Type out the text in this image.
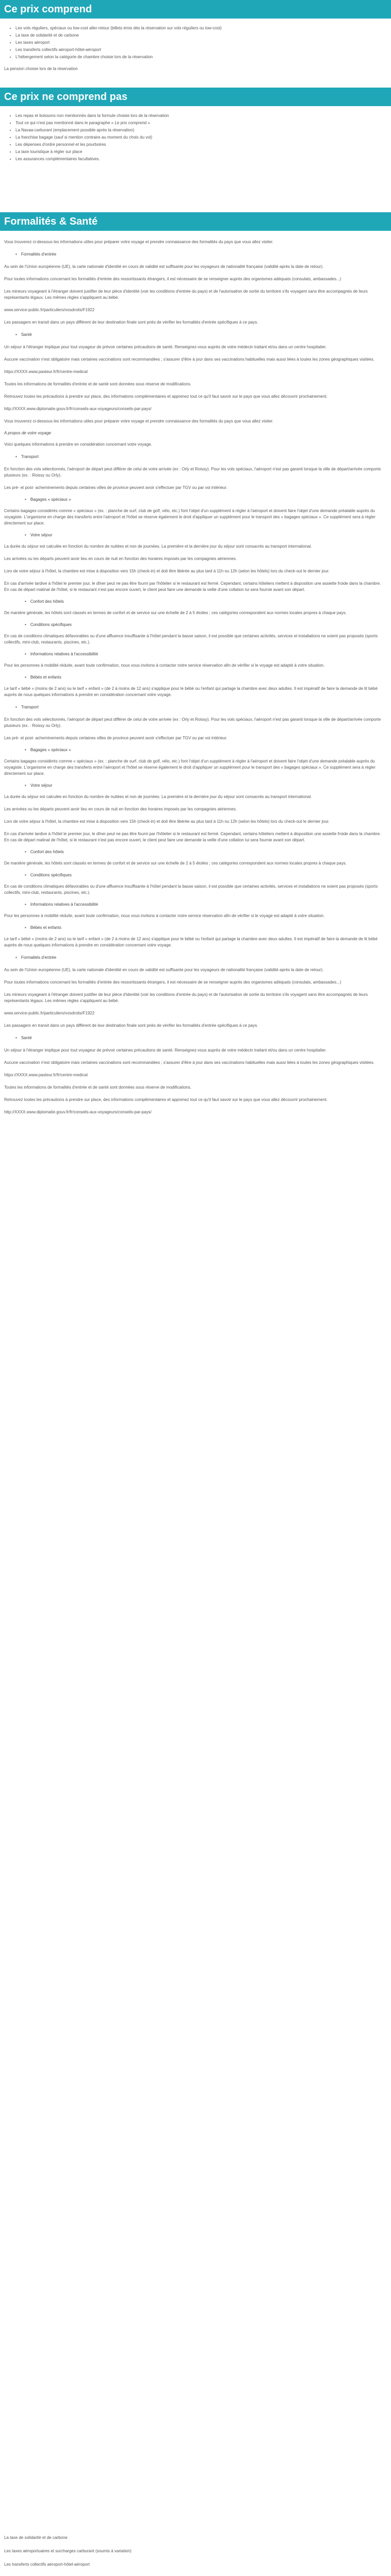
Ce prix comprend
• Les vols réguliers, spéciaux ou low-cost aller-retour (billets émis dès la réservation sur vols réguliers ou low-cost)
• La taxe de solidarité et de carbone
• Les taxes aéroport
• Les transferts collectifs aéroport-hôtel-aéroport
• L'hébergement selon la catégorie de chambre choisie lors de la réservation

La pension choisie lors de la réservation

Ce prix ne comprend pas
• Les repas et boissons non mentionnés dans la formule choisie lors de la réservation
• Tout ce qui n'est pas mentionné dans le paragraphe « Le prix comprend »
• La Navaa-carburant (emplacement possible après la réservation)
• La franchise bagage (sauf si mention contraire au moment du choix du vol)
• Les dépenses d'ordre personnel et les pourboires
• La taxe touristique à régler sur place
• Les assurances complémentaires facultatives.
Formalités & Santé

Vous trouverez ci-dessous les informations utiles pour préparer votre voyage et prendre connaissance des formalités du pays que vous allez visiter.

• Formalités d'entrée

Au sein de l'Union européenne (UE), la carte nationale d'identité en cours de validité est suffisante pour les voyageurs de nationalité française (validité après la date de retour).

Pour toutes informations concernant les formalités d'entrée des ressortissants étrangers, il est nécessaire de se renseigner auprès des organismes adéquats (consulats, ambassades...)

Les mineurs voyageant à l'étranger doivent justifier de leur pièce d'identité (voir les conditions d'entrée du pays) et de l'autorisation de sortie du territoire s'ils voyagent sans être accompagnés de leurs représentants légaux. Les mêmes règles s'appliquent au bébé.

www.service-public.fr/particuliers/vosdroits/F1922

Les passagers en transit dans un pays différent de leur destination finale sont priés de vérifier les formalités d'entrée spécifiques à ce pays.

• Santé

Un séjour à l'étranger implique pour tout voyageur de prévoir certaines précautions de santé. Renseignez-vous auprès de votre médecin traitant et/ou dans un centre hospitalier.

Aucune vaccination n'est obligatoire mais certaines vaccinations sont recommandées ; s'assurer d'être à jour dans ses vaccinations habituelles mais aussi liées à toutes les zones géographiques visitées.

https://XXXX.www.pasteur.fr/fr/centre-medical

Toutes les informations de formalités d'entrée et de santé sont données sous réserve de modifications.

Retrouvez toutes les précautions à prendre sur place, des informations complémentaires et apprenez tout ce qu'il faut savoir sur le pays que vous allez découvrir prochainement.

http://XXXX.www.diplomatie.gouv.fr/fr/conseils-aux-voyageurs/conseils-par-pays/

Vous trouverez ci-dessous les informations utiles pour préparer votre voyage et prendre connaissance des formalités du pays que vous allez visiter.

A propos de votre voyage

Voici quelques informations à prendre en considération concernant votre voyage.

• Transport

En fonction des vols sélectionnés, l'aéroport de départ peut différer de celui de votre arrivée (ex : Orly et Roissy). Pour les vols spéciaux, l'aéroport n'est pas garanti lorsque la ville de départ/arrivée comporte plusieurs (ex. : Roissy ou Orly).

Les pré- et post- acheminements depuis certaines villes de province peuvent avoir s'effectuer par TGV ou par voi intérieur.

• Bagages « spéciaux »

Certains bagages considérés comme « spéciaux » (ex. : planche de surf, club de golf, vélo, etc.) font l'objet d'un supplément à régler à l'aéroport et doivent faire l'objet d'une demande préalable auprès du voyagiste. L'organisme en charge des transferts entre l'aéroport et l'hôtel se réserve également le droit d'appliquer un supplément pour le transport des « bagages spéciaux ». Ce supplément sera à régler directement sur place.

• Votre séjour

La durée du séjour est calculée en fonction du nombre de nuitées et non de journées. La première et la dernière jour du séjour sont consacrés au transport international.

Les arrivées ou les départs peuvent avoir lieu en cours de nuit en fonction des horaires imposés par les compagnies aériennes.

Lors de votre séjour à l'hôtel, la chambre est mise à disposition vers 15h (check-in) et doit être libérée au plus tard à 11h ou 12h (selon les hôtels) lors du check-out le dernier jour.

En cas d'arrivée tardive à l'hôtel le premier jour, le dîner peut ne pas être fourni par l'hôtelier si le restaurant est fermé. Cependant, certains hôteliers mettent à disposition une assiette froide dans la chambre. En cas de départ matinal de l'hôtel, si le restaurant n'est pas encore ouvert, le client peut faire une demande la veille d'une collation lui sera fournie avant son départ.

• Confort des hôtels

De manière générale, les hôtels sont classés en termes de confort et de service sur une échelle de 2 à 5 étoiles ; ces catégories correspondent aux normes locales propres à chaque pays.

• Conditions spécifiques

En cas de conditions climatiques défavorables ou d'une affluence insuffisante à l'hôtel pendant la basse saison, il est possible que certaines activités, services et installations ne soient pas proposés (sports collectifs, mini-club, restaurants, piscines, etc.).

• Informations relatives à l'accessibilité

Pour les personnes à mobilité réduite, avant toute confirmation, nous vous invitons à contacter notre service réservation afin de vérifier si le voyage est adapté à votre situation.

• Bébés et enfants

Le tarif « bébé » (moins de 2 ans) ou le tarif « enfant » (de 2 à moins de 12 ans) s'applique pour le bébé ou l'enfant qui partage la chambre avec deux adultes. Il est impératif de faire la demande de lit bébé auprès de nous quelques informations à prendre en considération concernant votre voyage.

• Transport

En fonction des vols sélectionnés, l'aéroport de départ peut différer de celui de votre arrivée (ex : Orly et Roissy). Pour les vols spéciaux, l'aéroport n'est pas garanti lorsque la ville de départ/arrivée comporte plusieurs (ex. : Roissy ou Orly).

Les pré- et post- acheminements depuis certaines villes de province peuvent avoir s'effectuer par TGV ou par voi intérieur.

• Bagages « spéciaux »

Certains bagages considérés comme « spéciaux » (ex. : planche de surf, club de golf, vélo, etc.) font l'objet d'un supplément à régler à l'aéroport et doivent faire l'objet d'une demande préalable auprès du voyagiste. L'organisme en charge des transferts entre l'aéroport et l'hôtel se réserve également le droit d'appliquer un supplément pour le transport des « bagages spéciaux ». Ce supplément sera à régler directement sur place.

• Votre séjour

La durée du séjour est calculée en fonction du nombre de nuitées et non de journées. La première et la dernière jour du séjour sont consacrés au transport international.

Les arrivées ou les départs peuvent avoir lieu en cours de nuit en fonction des horaires imposés par les compagnies aériennes.

Lors de votre séjour à l'hôtel, la chambre est mise à disposition vers 15h (check-in) et doit être libérée au plus tard à 11h ou 12h (selon les hôtels) lors du check-out le dernier jour.

En cas d'arrivée tardive à l'hôtel le premier jour, le dîner peut ne pas être fourni par l'hôtelier si le restaurant est fermé. Cependant, certains hôteliers mettent à disposition une assiette froide dans la chambre. En cas de départ matinal de l'hôtel, si le restaurant n'est pas encore ouvert, le client peut faire une demande la veille d'une collation lui sera fournie avant son départ.

• Confort des hôtels

De manière générale, les hôtels sont classés en termes de confort et de service sur une échelle de 2 à 5 étoiles ; ces catégories correspondent aux normes locales propres à chaque pays.

• Conditions spécifiques

En cas de conditions climatiques défavorables ou d'une affluence insuffisante à l'hôtel pendant la basse saison, il est possible que certaines activités, services et installations ne soient pas proposés (sports collectifs, mini-club, restaurants, piscines, etc.).

• Informations relatives à l'accessibilité

Pour les personnes à mobilité réduite, avant toute confirmation, nous vous invitons à contacter notre service réservation afin de vérifier si le voyage est adapté à votre situation.

• Bébés et enfants

Le tarif « bébé » (moins de 2 ans) ou le tarif « enfant » (de 2 à moins de 12 ans) s'applique pour le bébé ou l'enfant qui partage la chambre avec deux adultes. Il est impératif de faire la demande de lit bébé auprès de nous quelques informations à prendre en considération concernant votre voyage.

• Formalités d'entrée

Au sein de l'Union européenne (UE), la carte nationale d'identité en cours de validité est suffisante pour les voyageurs de nationalité française (validité après la date de retour).

Pour toutes informations concernant les formalités d'entrée des ressortissants étrangers, il est nécessaire de se renseigner auprès des organismes adéquats (consulats, ambassades...)

Les mineurs voyageant à l'étranger doivent justifier de leur pièce d'identité (voir les conditions d'entrée du pays) et de l'autorisation de sortie du territoire s'ils voyagent sans être accompagnés de leurs représentants légaux. Les mêmes règles s'appliquent au bébé.

www.service-public.fr/particuliers/vosdroits/F1922

Les passagers en transit dans un pays différent de leur destination finale sont priés de vérifier les formalités d'entrée spécifiques à ce pays.

• Santé

Un séjour à l'étranger implique pour tout voyageur de prévoir certaines précautions de santé. Renseignez-vous auprès de votre médecin traitant et/ou dans un centre hospitalier.

Aucune vaccination n'est obligatoire mais certaines vaccinations sont recommandées ; s'assurer d'être à jour dans ses vaccinations habituelles mais aussi liées à toutes les zones géographiques visitées.

https://XXXX.www.pasteur.fr/fr/centre-medical

Toutes les informations de formalités d'entrée et de santé sont données sous réserve de modifications.

Retrouvez toutes les précautions à prendre sur place, des informations complémentaires et apprenez tout ce qu'il faut savoir sur le pays que vous allez découvrir prochainement.

http://XXXX.www.diplomatie.gouv.fr/fr/conseils-aux-voyageurs/conseils-par-pays/

La taxe de solidarité et de carbone

Les taxes aéroportuaires et surcharges carburant (soumis à variation)

Les transferts collectifs aéroport-hôtel-aéroport
